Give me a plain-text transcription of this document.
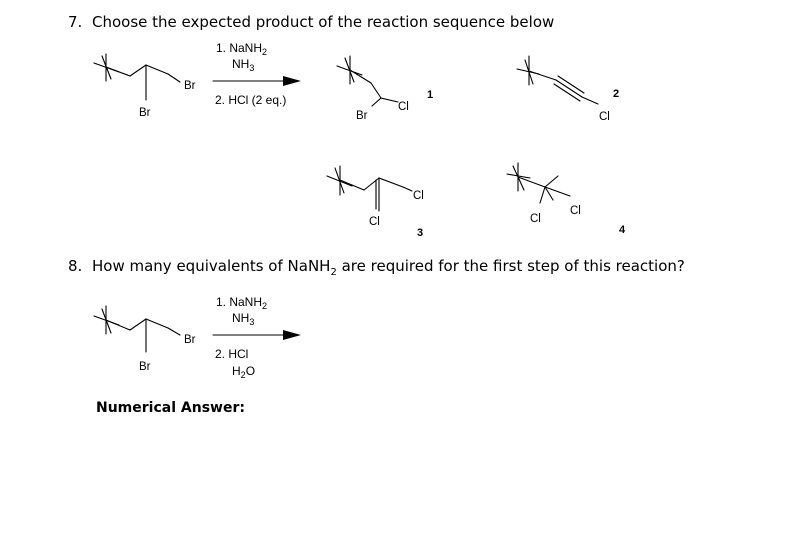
7. Choose the expected product of the reaction sequence below
8. How many equivalents of NaNH$_2$ are required for the first step of this reaction?
Numerical Answer:
Br
Br
1. NaNH$_2$
$NH_3$
2. HCl (2 eq.)
Br
Cl
1
Cl
2
Cl
Cl
3
Cl
Cl
4
Br
Br
1. NaNH$_2$
$NH_3$
2. HCl
$H_2O$
